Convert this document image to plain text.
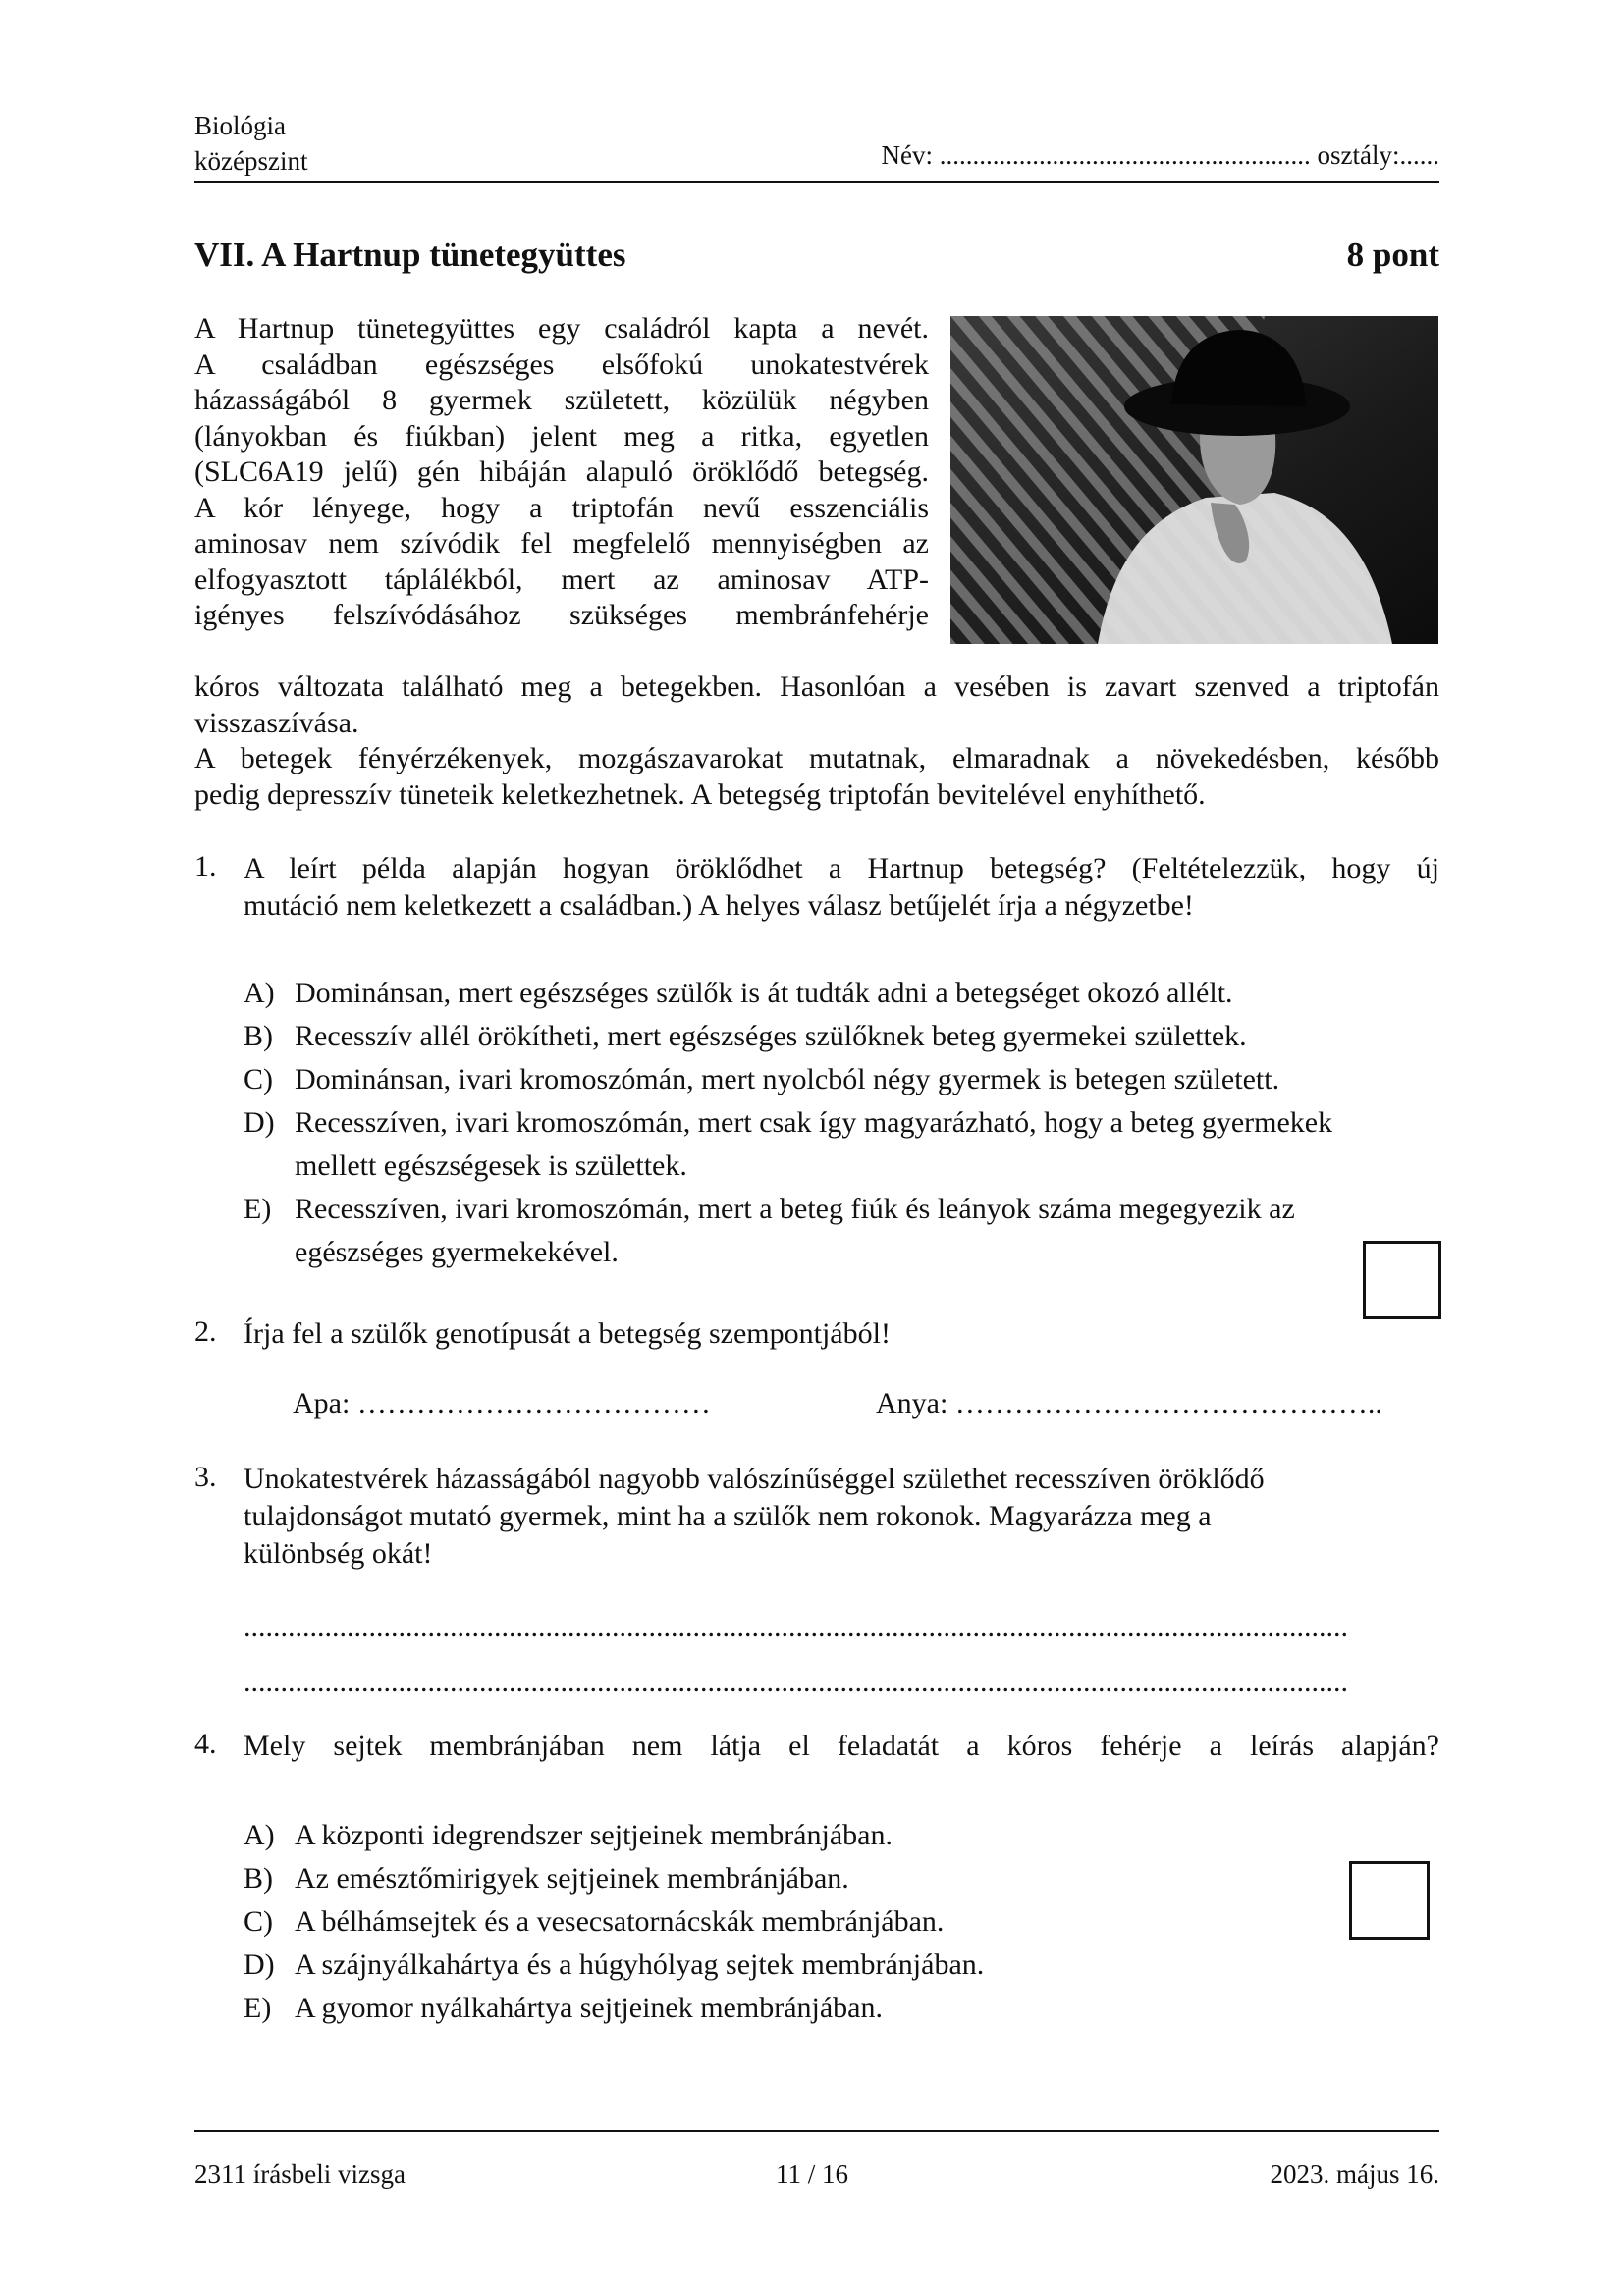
Biológia
középszint	Név: ........................................................ osztály:......
VII. A Hartnup tünetegyüttes	8 pont
A Hartnup tünetegyüttes egy családról kapta a nevét.
A családban egészséges elsőfokú unokatestvérek
házasságából 8 gyermek született, közülük négyben
(lányokban és fiúkban) jelent meg a ritka, egyetlen
(SLC6A19 jelű) gén hibáján alapuló öröklődő betegség.
A kór lényege, hogy a triptofán nevű esszenciális
aminosav nem szívódik fel megfelelő mennyiségben az
elfogyasztott táplálékból, mert az aminosav ATP-
igényes felszívódásához szükséges membránfehérje
kóros változata található meg a betegekben. Hasonlóan a vesében is zavart szenved a triptofán
visszaszívása.
A betegek fényérzékenyek, mozgászavarokat mutatnak, elmaradnak a növekedésben, később
pedig depresszív tüneteik keletkezhetnek. A betegség triptofán bevitelével enyhíthető.
1. A leírt példa alapján hogyan öröklődhet a Hartnup betegség? (Feltételezzük, hogy új
mutáció nem keletkezett a családban.) A helyes válasz betűjelét írja a négyzetbe!
A) Dominánsan, mert egészséges szülők is át tudták adni a betegséget okozó allélt.
B) Recesszív allél örökítheti, mert egészséges szülőknek beteg gyermekei születtek.
C) Dominánsan, ivari kromoszómán, mert nyolcból négy gyermek is betegen született.
D) Recesszíven, ivari kromoszómán, mert csak így magyarázható, hogy a beteg gyermekek
mellett egészségesek is születtek.
E) Recesszíven, ivari kromoszómán, mert a beteg fiúk és leányok száma megegyezik az
egészséges gyermekekével.
2. Írja fel a szülők genotípusát a betegség szempontjából!
Apa: ………………………………	Anya: ……………………………………..
3. Unokatestvérek házasságából nagyobb valószínűséggel születhet recesszíven öröklődő
tulajdonságot mutató gyermek, mint ha a szülők nem rokonok. Magyarázza meg a
különbség okát!
......................................................................................................................................................
......................................................................................................................................................
4. Mely sejtek membránjában nem látja el feladatát a kóros fehérje a leírás alapján?
A) A központi idegrendszer sejtjeinek membránjában.
B) Az emésztőmirigyek sejtjeinek membránjában.
C) A bélhámsejtek és a vesecsatornácskák membránjában.
D) A szájnyálkahártya és a húgyhólyag sejtek membránjában.
E) A gyomor nyálkahártya sejtjeinek membránjában.
2311 írásbeli vizsga	11 / 16	2023. május 16.
